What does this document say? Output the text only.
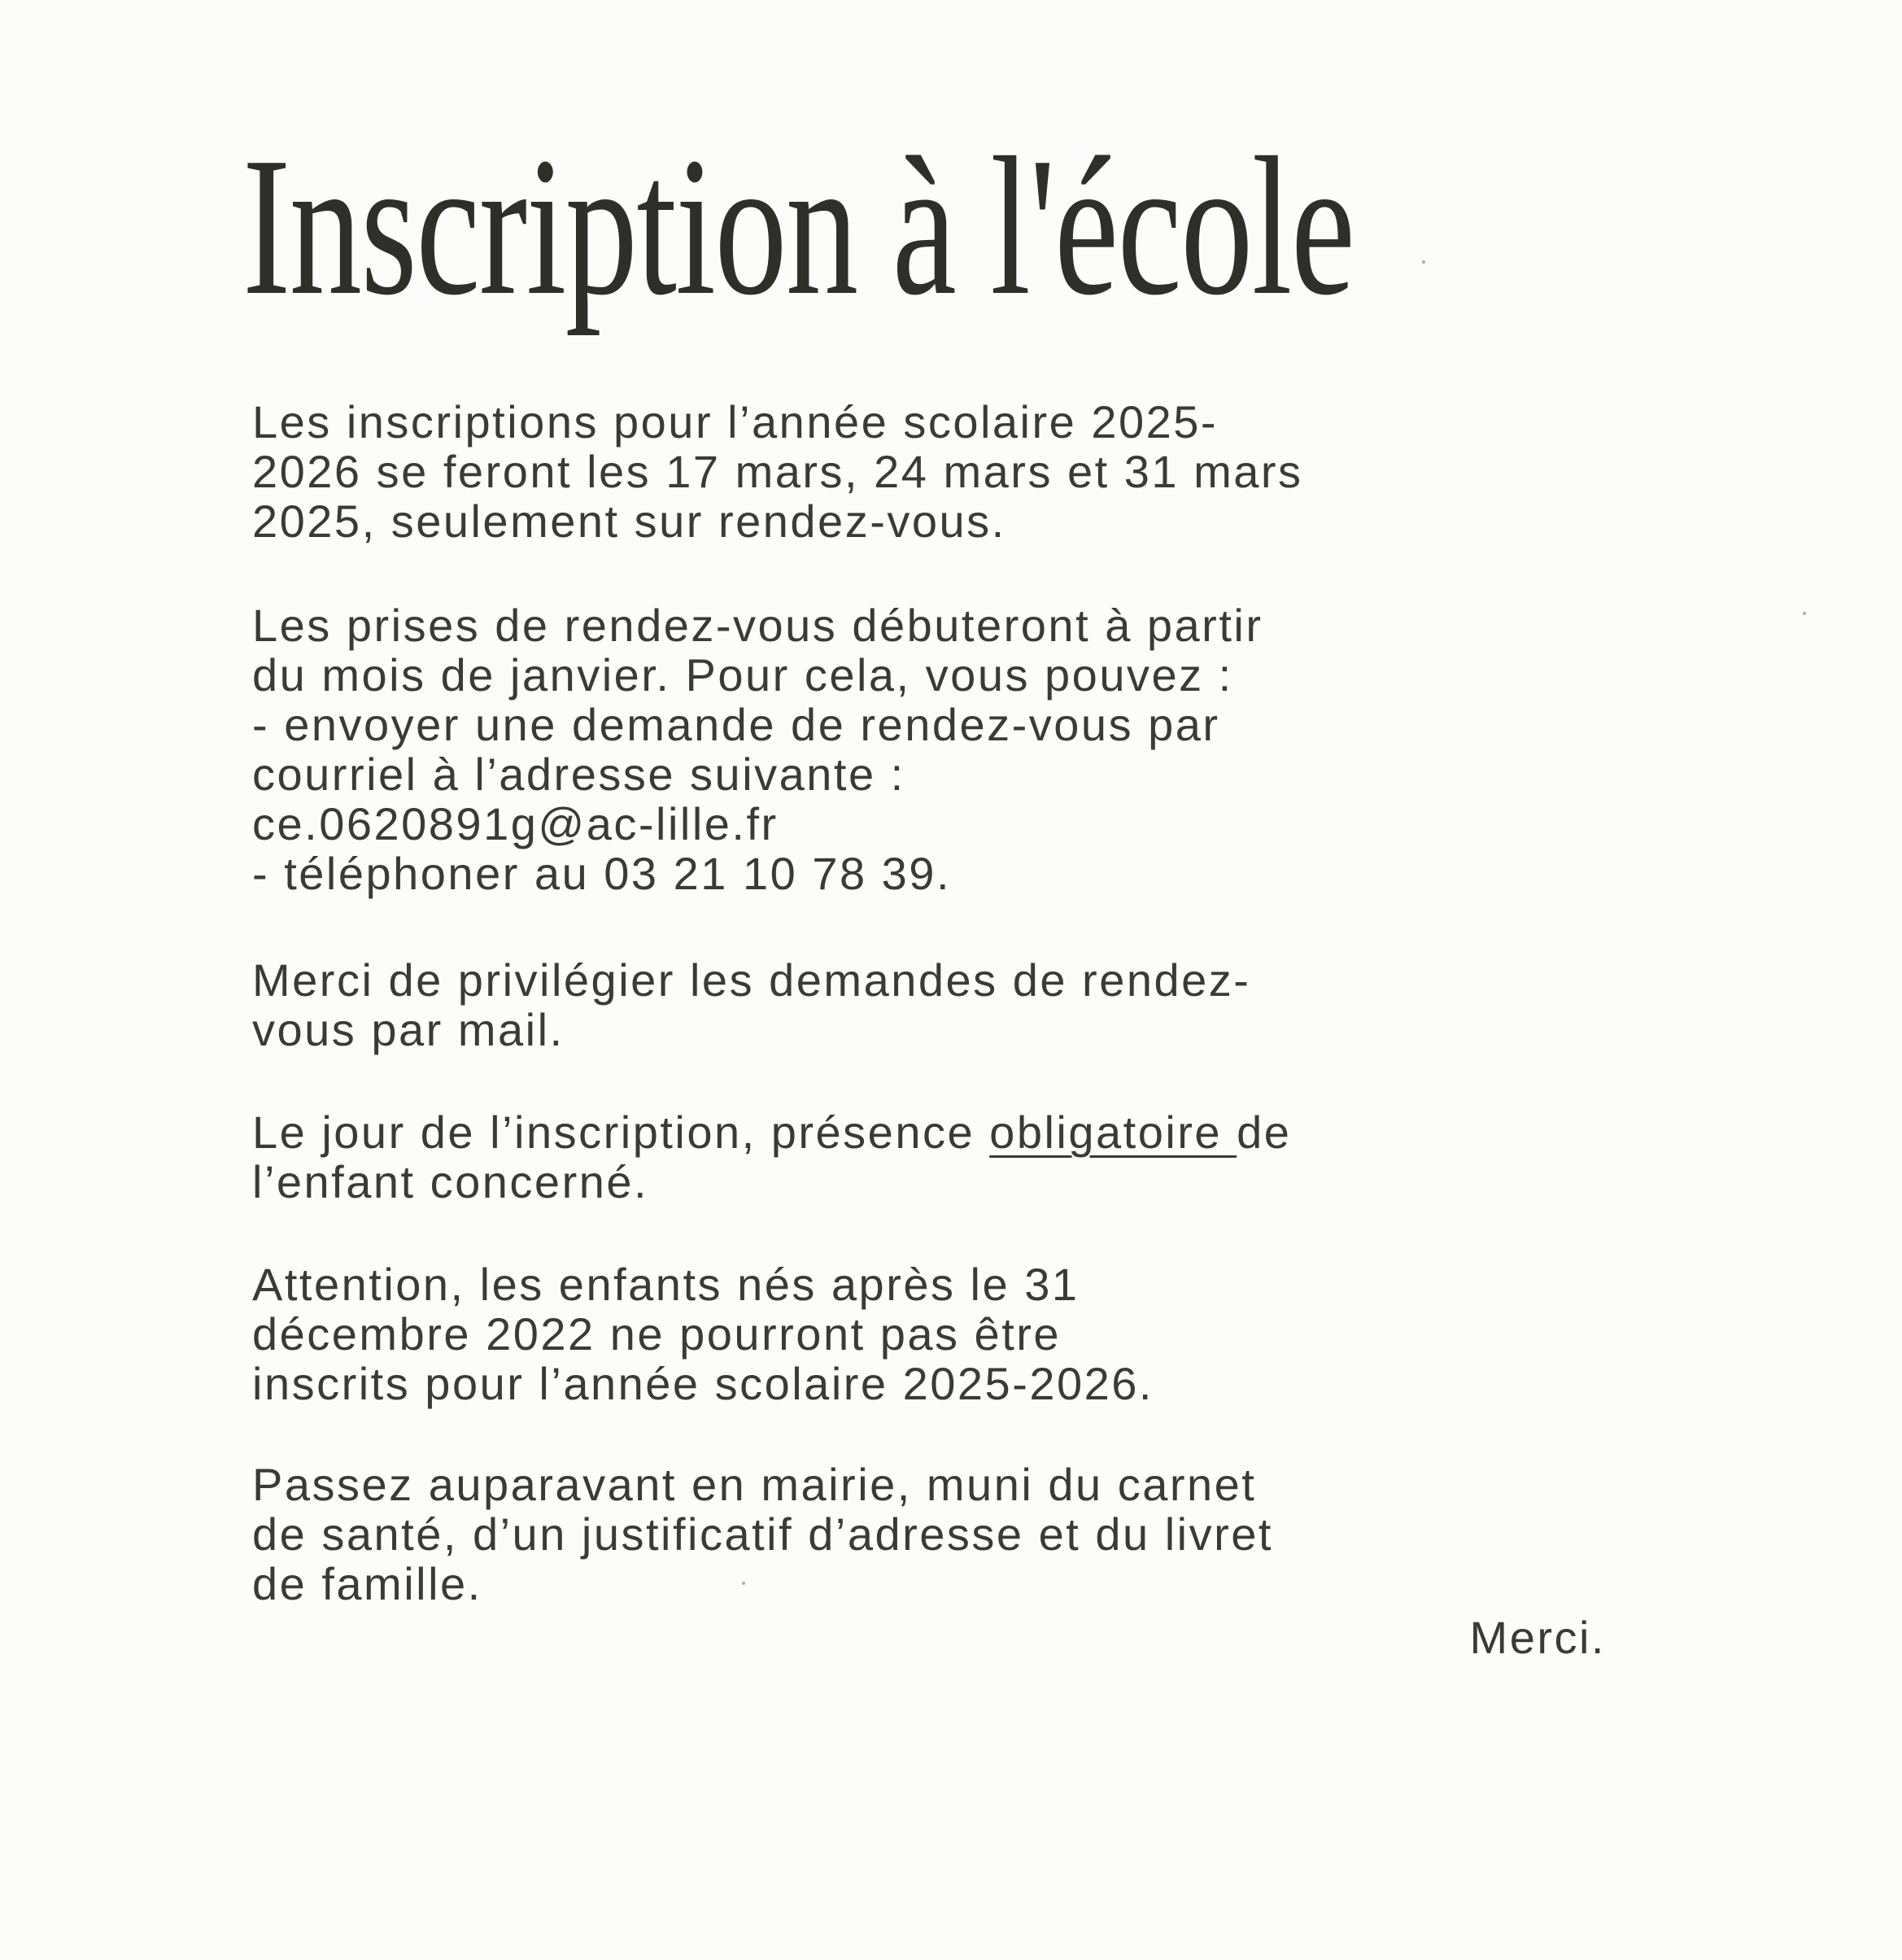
Inscription à l'école

Les inscriptions pour l’année scolaire 2025-
2026 se feront les 17 mars, 24 mars et 31 mars
2025, seulement sur rendez-vous.

Les prises de rendez-vous débuteront à partir
du mois de janvier. Pour cela, vous pouvez :
- envoyer une demande de rendez-vous par
courriel à l’adresse suivante :
ce.0620891g@ac-lille.fr
- téléphoner au 03 21 10 78 39.

Merci de privilégier les demandes de rendez-
vous par mail.

Le jour de l’inscription, présence obligatoire de
l’enfant concerné.

Attention, les enfants nés après le 31
décembre 2022 ne pourront pas être
inscrits pour l’année scolaire 2025-2026.

Passez auparavant en mairie, muni du carnet
de santé, d’un justificatif d’adresse et du livret
de famille.

Merci.
